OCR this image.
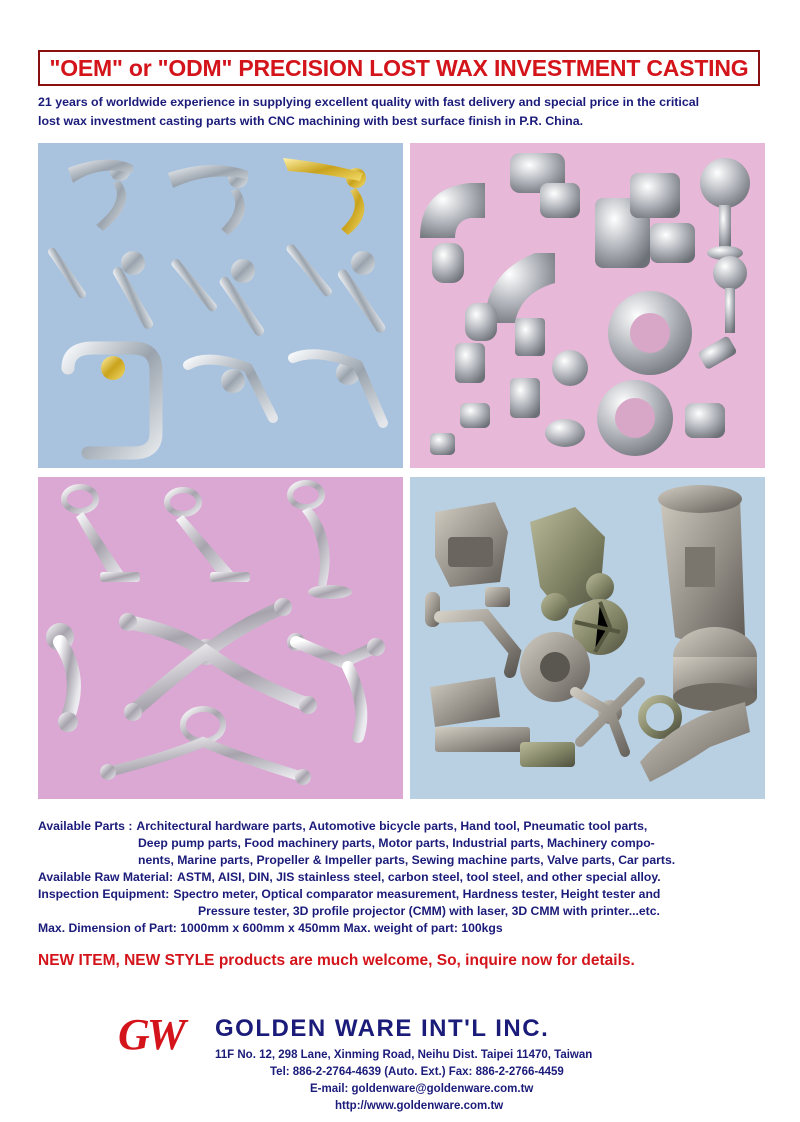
"OEM" or "ODM" PRECISION LOST WAX INVESTMENT CASTING
21 years of worldwide experience in supplying excellent quality with fast delivery and special price in the critical
lost wax investment casting parts with CNC machining with best surface finish in P.R. China.
Available Parts : Architectural hardware parts, Automotive bicycle parts, Hand tool, Pneumatic tool parts,
Deep pump parts, Food machinery parts, Motor parts, Industrial parts, Machinery compo-
nents, Marine parts, Propeller & Impeller parts, Sewing machine parts, Valve parts, Car parts.
Available Raw Material: ASTM, AISI, DIN, JIS stainless steel, carbon steel, tool steel, and other special alloy.
Inspection Equipment: Spectro meter, Optical comparator measurement, Hardness tester, Height tester and
Pressure tester, 3D profile projector (CMM) with laser, 3D CMM with printer...etc.
Max. Dimension of Part: 1000mm x 600mm x 450mm Max. weight of part: 100kgs
NEW ITEM, NEW STYLE products are much welcome, So, inquire now for details.
GW	GOLDEN WARE INT'L INC.
11F No. 12, 298 Lane, Xinming Road, Neihu Dist. Taipei 11470, Taiwan
Tel: 886-2-2764-4639 (Auto. Ext.) Fax: 886-2-2766-4459
E-mail: goldenware@goldenware.com.tw
http://www.goldenware.com.tw
